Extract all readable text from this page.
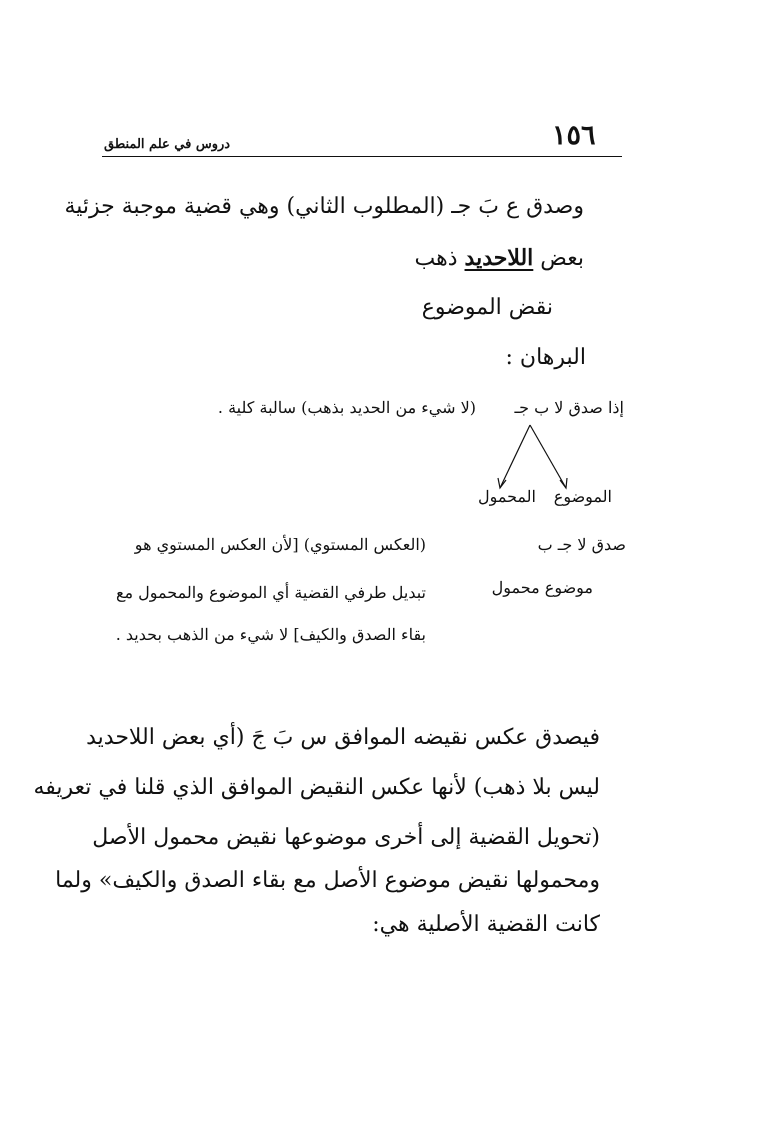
١٥٦
دروس في علم المنطق
وصدق ع بَ جـ (المطلوب الثاني) وهي قضية موجبة جزئية
بعض اللاحديد ذهب
نقض الموضوع
البرهان :
إذا صدق لا ب جـ
(لا شيء من الحديد بذهب) سالبة كلية .
الموضوع
المحمول
صدق لا جـ ب
(العكس المستوي) [لأن العكس المستوي هو
موضوع محمول
تبديل طرفي القضية أي الموضوع والمحمول مع
بقاء الصدق والكيف] لا شيء من الذهب بحديد .
فيصدق عكس نقيضه الموافق س بَ جَ (أي بعض اللاحديد
ليس بلا ذهب) لأنها عكس النقيض الموافق الذي قلنا في تعريفه
(تحويل القضية إلى أخرى موضوعها نقيض محمول الأصل
ومحمولها نقيض موضوع الأصل مع بقاء الصدق والكيف» ولما
كانت القضية الأصلية هي:
